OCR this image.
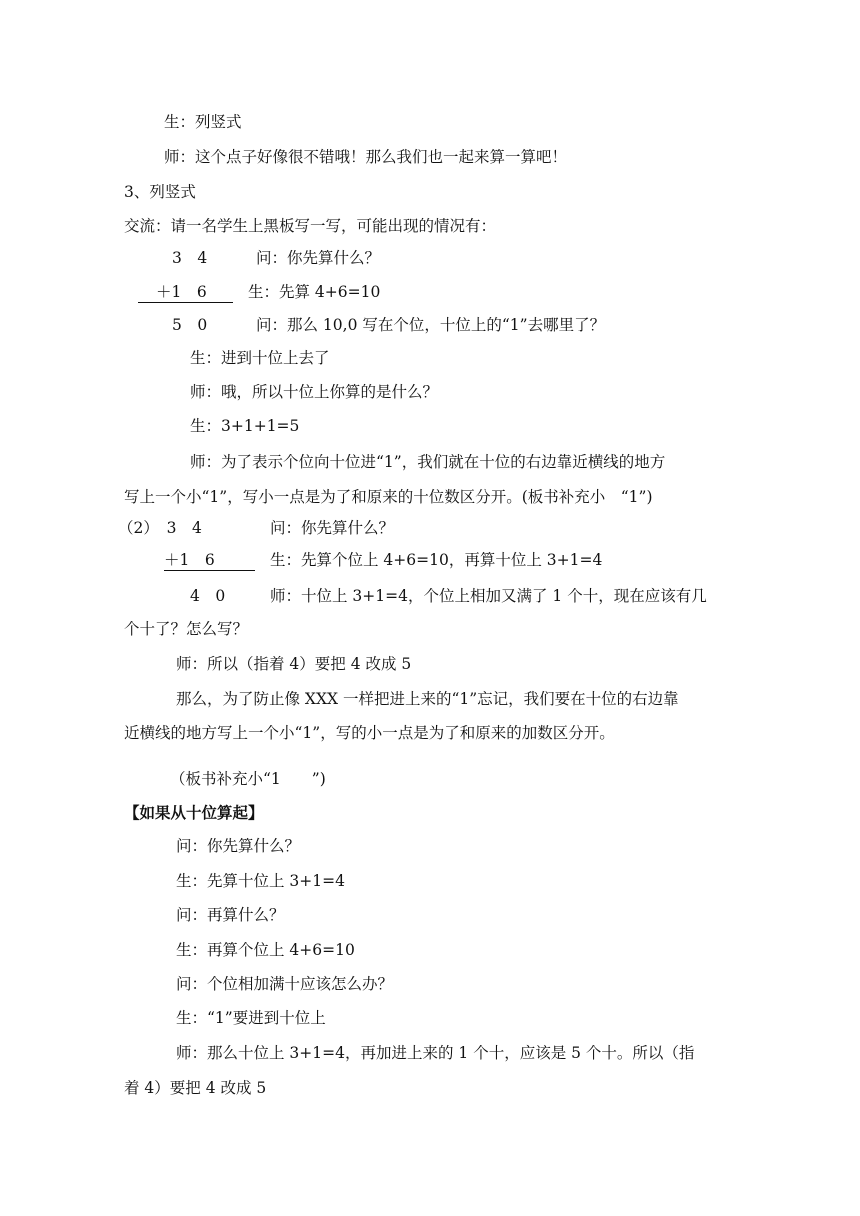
生：列竖式
师：这个点子好像很不错哦！那么我们也一起来算一算吧！
3、列竖式
交流：请一名学生上黑板写一写，可能出现的情况有：
3　4	问：你先算什么？
＋1　6	生：先算 4+6=10
5　0	问：那么 10,0 写在个位，十位上的“1”去哪里了？
生：进到十位上去了
师：哦，所以十位上你算的是什么？
生：3+1+1=5
师：为了表示个位向十位进“1”，我们就在十位的右边靠近横线的地方
写上一个小“1”，写小一点是为了和原来的十位数区分开。(板书补充小　“1”)
（2）　3　4	问：你先算什么？
＋1　6	生：先算个位上 4+6=10，再算十位上 3+1=4
4　0	师：十位上 3+1=4，个位上相加又满了 1 个十，现在应该有几
个十了？怎么写？
师：所以（指着 4）要把 4 改成 5
那么，为了防止像 XXX 一样把进上来的“1”忘记，我们要在十位的右边靠
近横线的地方写上一个小“1”，写的小一点是为了和原来的加数区分开。
（板书补充小“1　　”)
【如果从十位算起】
问：你先算什么？
生：先算十位上 3+1=4
问：再算什么？
生：再算个位上 4+6=10
问：个位相加满十应该怎么办？
生：“1”要进到十位上
师：那么十位上 3+1=4，再加进上来的 1 个十，应该是 5 个十。所以（指
着 4）要把 4 改成 5
